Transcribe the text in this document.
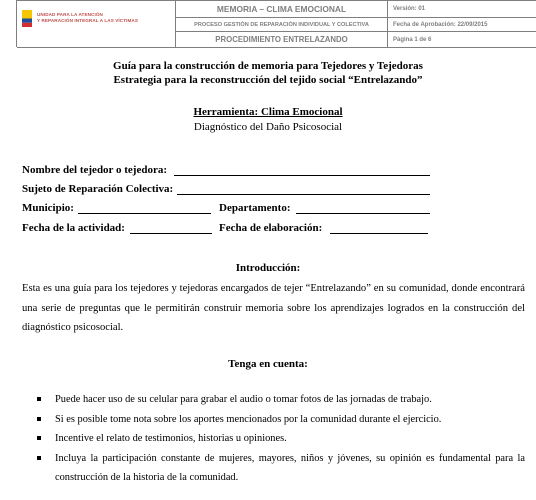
UNIDAD PARA LA ATENCIÓN
Y REPARACIÓN INTEGRAL A LAS VÍCTIMAS
MEMORIA – CLIMA EMOCIONAL
PROCESO GESTIÓN DE REPARACIÓN INDIVIDUAL Y COLECTIVA
PROCEDIMIENTO ENTRELAZANDO
Versión: 01
Fecha de Aprobación: 22/09/2015
Página 1 de 6
Guía para la construcción de memoria para Tejedores y Tejedoras
Estrategia para la reconstrucción del tejido social “Entrelazando”
Herramienta: Clima Emocional
Diagnóstico del Daño Psicosocial
Nombre del tejedor o tejedora:
Sujeto de Reparación Colectiva:
Municipio:	Departamento:
Fecha de la actividad:	Fecha de elaboración:
Introducción:

Esta es una guía para los tejedores y tejedoras encargados de tejer “Entrelazando” en su comunidad, donde encontrará una serie de preguntas que le permitirán construir memoria sobre los aprendizajes logrados en la construcción del diagnóstico psicosocial.

Tenga en cuenta:
Puede hacer uso de su celular para grabar el audio o tomar fotos de las jornadas de trabajo.
Si es posible tome nota sobre los aportes mencionados por la comunidad durante el ejercicio.
Incentive el relato de testimonios, historias u opiniones.
Incluya la participación constante de mujeres, mayores, niños y jóvenes, su opinión es fundamental para la construcción de la historia de la comunidad.
